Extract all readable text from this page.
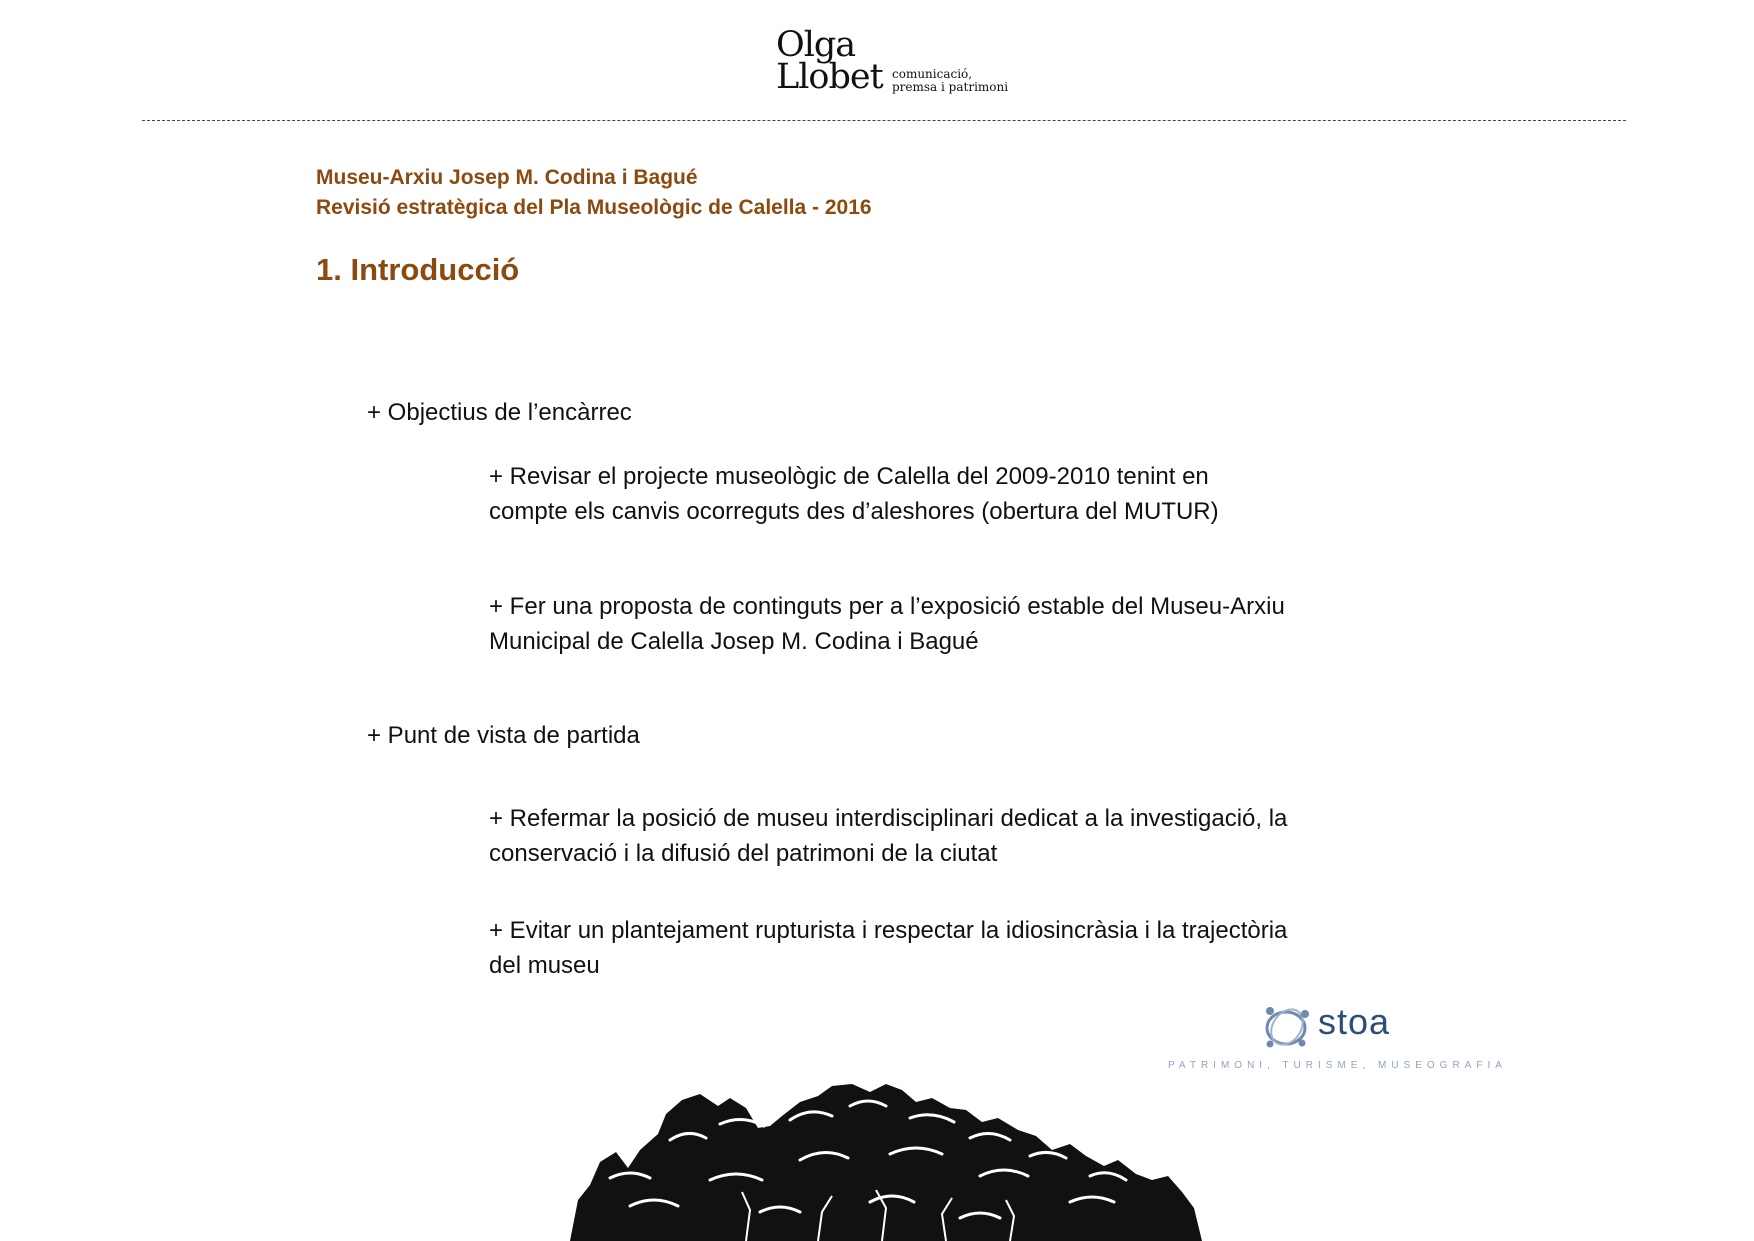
Olga
Llobet comunicació,
premsa i patrimoni
Museu-Arxiu Josep M. Codina i Bagué
Revisió estratègica del Pla Museològic de Calella - 2016
1. Introducció
+ Objectius de l’encàrrec
+ Revisar el projecte museològic de Calella del 2009-2010 tenint en compte els canvis ocorreguts des d’aleshores (obertura del MUTUR)
+ Fer una proposta de continguts per a l’exposició estable del Museu-Arxiu Municipal de Calella Josep M. Codina i Bagué
+ Punt de vista de partida
+ Refermar la posició de museu interdisciplinari dedicat a la investigació, la conservació i la difusió del patrimoni de la ciutat
+ Evitar un plantejament rupturista i respectar la idiosincràsia i la trajectòria del museu
stoa
PATRIMONI, TURISME, MUSEOGRAFIA
